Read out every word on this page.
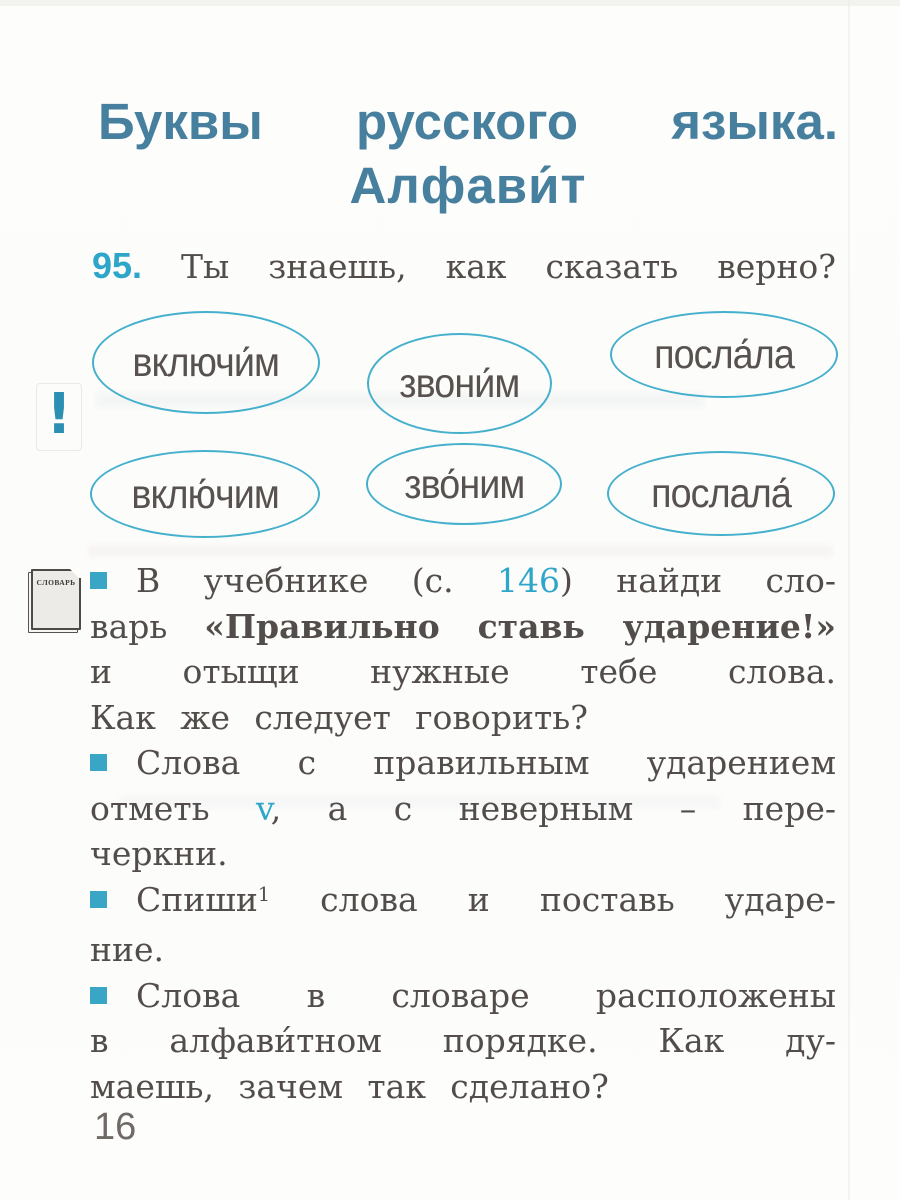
Буквы русского языка.
Алфави́т
95. Ты знаешь, как сказать верно?
включи́м	звони́м
посла́ла
вклю́чим	зво́ним	послала́
!
СЛОВАРЬ	В учебнике (с. 146) найди сло-
варь «Правильно ставь ударение!»
и отыщи нужные тебе слова.
Как же следует говорить?
Слова с правильным ударением
отметь v, а с неверным – пере-
черкни.
Спиши$^1$ слова и поставь ударе-
ние.
Слова в словаре расположены
в алфави́тном порядке. Как ду-
маешь, зачем так сделано?
16
